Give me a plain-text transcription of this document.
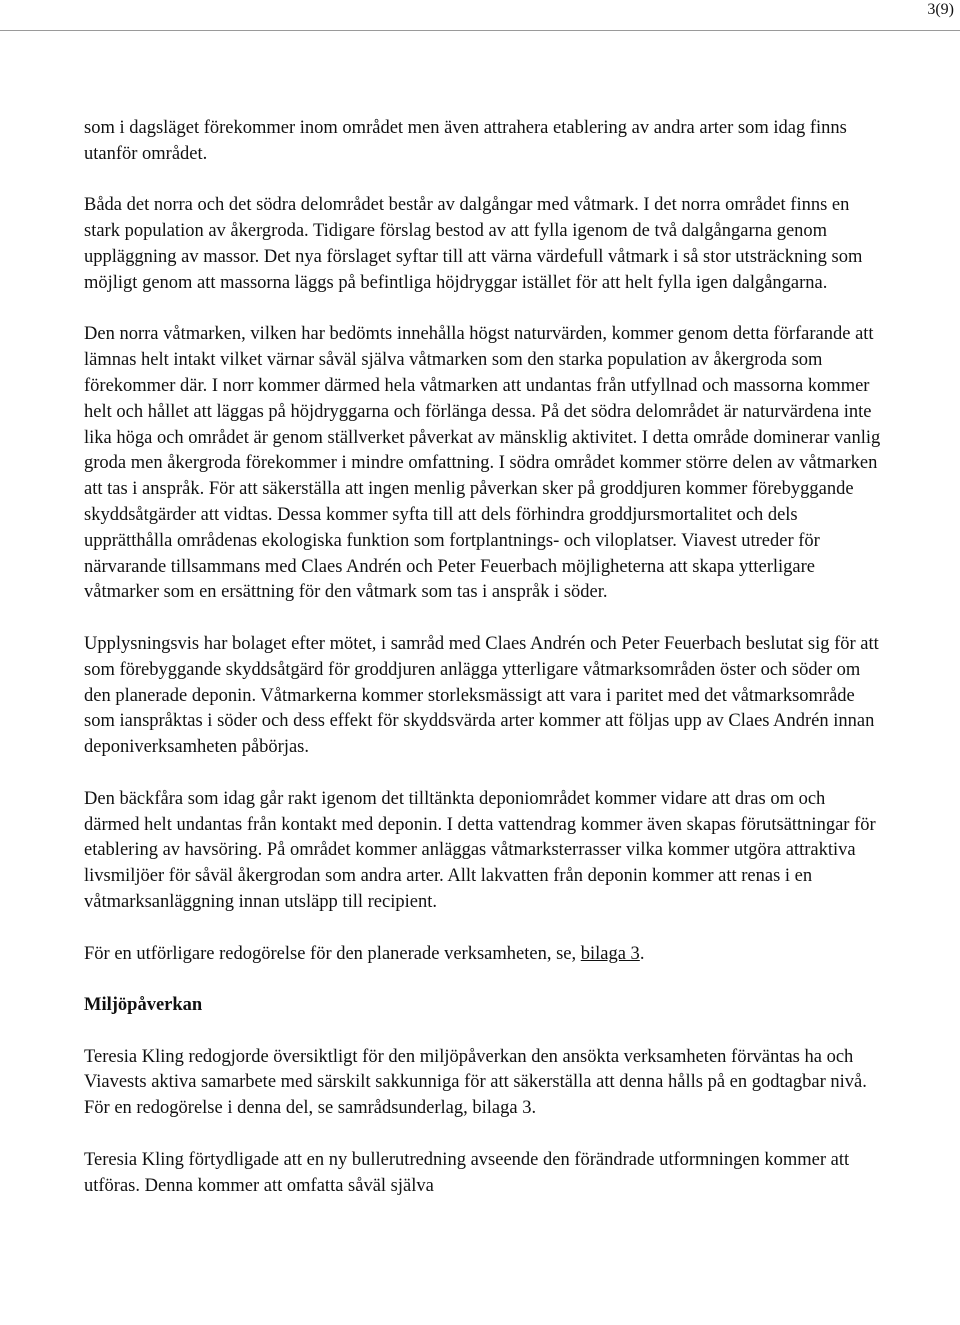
3(9)

som i dagsläget förekommer inom området men även attrahera etablering av andra arter som idag finns utanför området.

Båda det norra och det södra delområdet består av dalgångar med våtmark. I det norra området finns en stark population av åkergroda. Tidigare förslag bestod av att fylla igenom de två dalgångarna genom uppläggning av massor. Det nya förslaget syftar till att värna värdefull våtmark i så stor utsträckning som möjligt genom att massorna läggs på befintliga höjdryggar istället för att helt fylla igen dalgångarna.

Den norra våtmarken, vilken har bedömts innehålla högst naturvärden, kommer genom detta förfarande att lämnas helt intakt vilket värnar såväl själva våtmarken som den starka population av åkergroda som förekommer där. I norr kommer därmed hela våtmarken att undantas från utfyllnad och massorna kommer helt och hållet att läggas på höjdryggarna och förlänga dessa. På det södra delområdet är naturvärdena inte lika höga och området är genom ställverket påverkat av mänsklig aktivitet. I detta område dominerar vanlig groda men åkergroda förekommer i mindre omfattning. I södra området kommer större delen av våtmarken att tas i anspråk. För att säkerställa att ingen menlig påverkan sker på groddjuren kommer förebyggande skyddsåtgärder att vidtas. Dessa kommer syfta till att dels förhindra groddjursmortalitet och dels upprätthålla områdenas ekologiska funktion som fortplantnings- och viloplatser. Viavest utreder för närvarande tillsammans med Claes Andrén och Peter Feuerbach möjligheterna att skapa ytterligare våtmarker som en ersättning för den våtmark som tas i anspråk i söder.

Upplysningsvis har bolaget efter mötet, i samråd med Claes Andrén och Peter Feuerbach beslutat sig för att som förebyggande skyddsåtgärd för groddjuren anlägga ytterligare våtmarksområden öster och söder om den planerade deponin. Våtmarkerna kommer storleksmässigt att vara i paritet med det våtmarksområde som ianspråktas i söder och dess effekt för skyddsvärda arter kommer att följas upp av Claes Andrén innan deponiverksamheten påbörjas.

Den bäckfåra som idag går rakt igenom det tilltänkta deponiområdet kommer vidare att dras om och därmed helt undantas från kontakt med deponin. I detta vattendrag kommer även skapas förutsättningar för etablering av havsöring. På området kommer anläggas våtmarksterrasser vilka kommer utgöra attraktiva livsmiljöer för såväl åkergrodan som andra arter. Allt lakvatten från deponin kommer att renas i en våtmarksanläggning innan utsläpp till recipient.

För en utförligare redogörelse för den planerade verksamheten, se, bilaga 3.

Miljöpåverkan

Teresia Kling redogjorde översiktligt för den miljöpåverkan den ansökta verksamheten förväntas ha och Viavests aktiva samarbete med särskilt sakkunniga för att säkerställa att denna hålls på en godtagbar nivå. För en redogörelse i denna del, se samrådsunderlag, bilaga 3.

Teresia Kling förtydligade att en ny bullerutredning avseende den förändrade utformningen kommer att utföras. Denna kommer att omfatta såväl själva
